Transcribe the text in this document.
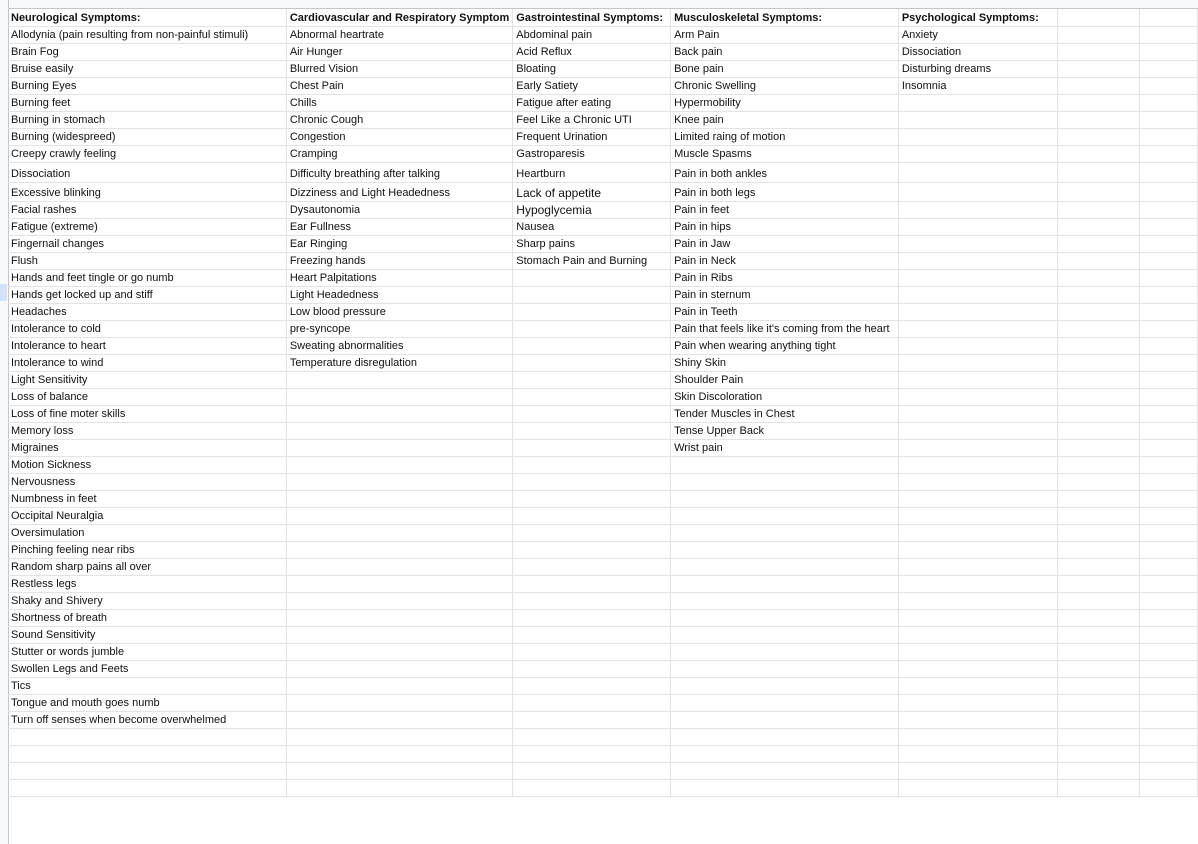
Neurological Symptoms:	Cardiovascular and Respiratory Symptom	Gastrointestinal Symptoms:	Musculoskeletal Symptoms:	Psychological Symptoms:		
Allodynia (pain resulting from non-painful stimuli)	Abnormal heartrate	Abdominal pain	Arm Pain	Anxiety		
Brain Fog	Air Hunger	Acid Reflux	Back pain	Dissociation		
Bruise easily	Blurred Vision	Bloating	Bone pain	Disturbing dreams		
Burning Eyes	Chest Pain	Early Satiety	Chronic Swelling	Insomnia		
Burning feet	Chills	Fatigue after eating	Hypermobility			
Burning in stomach	Chronic Cough	Feel Like a Chronic UTI	Knee pain			
Burning (widespreed)	Congestion	Frequent Urination	Limited raing of motion			
Creepy crawly feeling	Cramping	Gastroparesis	Muscle Spasms			
Dissociation	Difficulty breathing after talking	Heartburn	Pain in both ankles			
Excessive blinking	Dizziness and Light Headedness	Lack of appetite	Pain in both legs			
Facial rashes	Dysautonomia	Hypoglycemia	Pain in feet			
Fatigue (extreme)	Ear Fullness	Nausea	Pain in hips			
Fingernail changes	Ear Ringing	Sharp pains	Pain in Jaw			
Flush	Freezing hands	Stomach Pain and Burning	Pain in Neck			
Hands and feet tingle or go numb	Heart Palpitations		Pain in Ribs			
Hands get locked up and stiff	Light Headedness		Pain in sternum			
Headaches	Low blood pressure		Pain in Teeth			
Intolerance to cold	pre-syncope		Pain that feels like it's coming from the heart			
Intolerance to heart	Sweating abnormalities		Pain when wearing anything tight			
Intolerance to wind	Temperature disregulation		Shiny Skin			
Light Sensitivity			Shoulder Pain			
Loss of balance			Skin Discoloration			
Loss of fine moter skills			Tender Muscles in Chest			
Memory loss			Tense Upper Back			
Migraines			Wrist pain			
Motion Sickness						
Nervousness						
Numbness in feet						
Occipital Neuralgia						
Oversimulation						
Pinching feeling near ribs						
Random sharp pains all over						
Restless legs						
Shaky and Shivery						
Shortness of breath						
Sound Sensitivity						
Stutter or words jumble						
Swollen Legs and Feets						
Tics						
Tongue and mouth goes numb						
Turn off senses when become overwhelmed						
